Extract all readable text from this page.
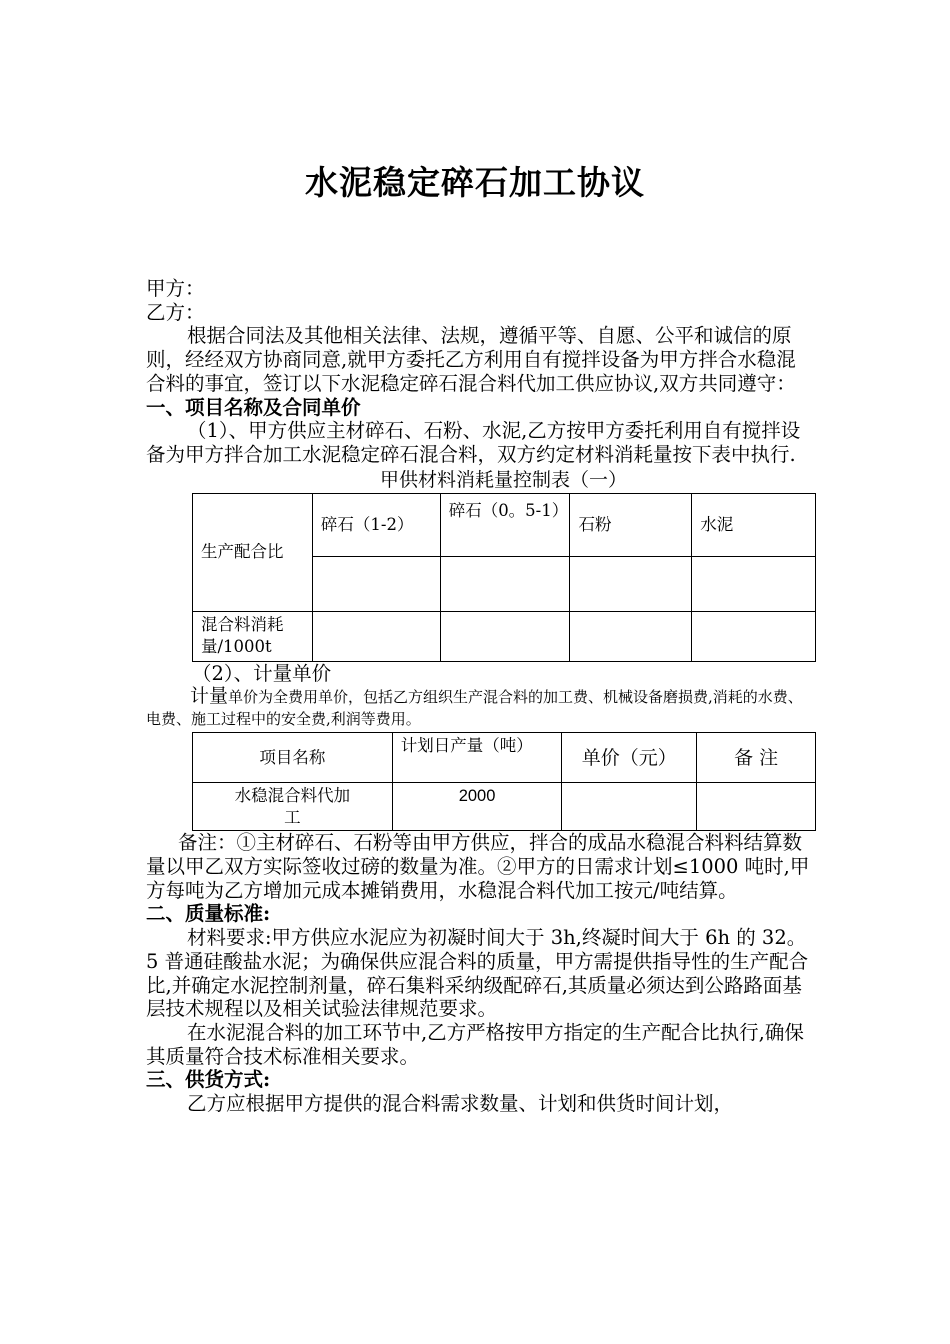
水泥稳定碎石加工协议

甲方：

乙方：

根据合同法及其他相关法律、法规，遵循平等、自愿、公平和诚信的原则，经经双方协商同意,就甲方委托乙方利用自有搅拌设备为甲方拌合水稳混合料的事宜，签订以下水泥稳定碎石混合料代加工供应协议,双方共同遵守：

一、项目名称及合同单价

（1）、甲方供应主材碎石、石粉、水泥,乙方按甲方委托利用自有搅拌设备为甲方拌合加工水泥稳定碎石混合料，双方约定材料消耗量按下表中执行.

甲供材料消耗量控制表（一）
生产配合比	碎石（1-2）	碎石（0。5-1）	石粉	水泥

混合料消耗量/1000t				

（2）、计量单价

计量单价为全费用单价，包括乙方组织生产混合料的加工费、机械设备磨损费,消耗的水费、电费、施工过程中的安全费,利润等费用。

项目名称	计划日产量（吨）	单价（元）	备 注
水稳混合料代加工	2000		

备注：①主材碎石、石粉等由甲方供应，拌合的成品水稳混合料料结算数量以甲乙双方实际签收过磅的数量为准。②甲方的日需求计划≤1000 吨时,甲方每吨为乙方增加元成本摊销费用，水稳混合料代加工按元/吨结算。

二、质量标准:

材料要求:甲方供应水泥应为初凝时间大于 3h,终凝时间大于 6h 的 32。5 普通硅酸盐水泥；为确保供应混合料的质量，甲方需提供指导性的生产配合比,并确定水泥控制剂量，碎石集料采纳级配碎石,其质量必须达到公路路面基层技术规程以及相关试验法律规范要求。

在水泥混合料的加工环节中,乙方严格按甲方指定的生产配合比执行,确保其质量符合技术标准相关要求。

三、供货方式:

乙方应根据甲方提供的混合料需求数量、计划和供货时间计划，
